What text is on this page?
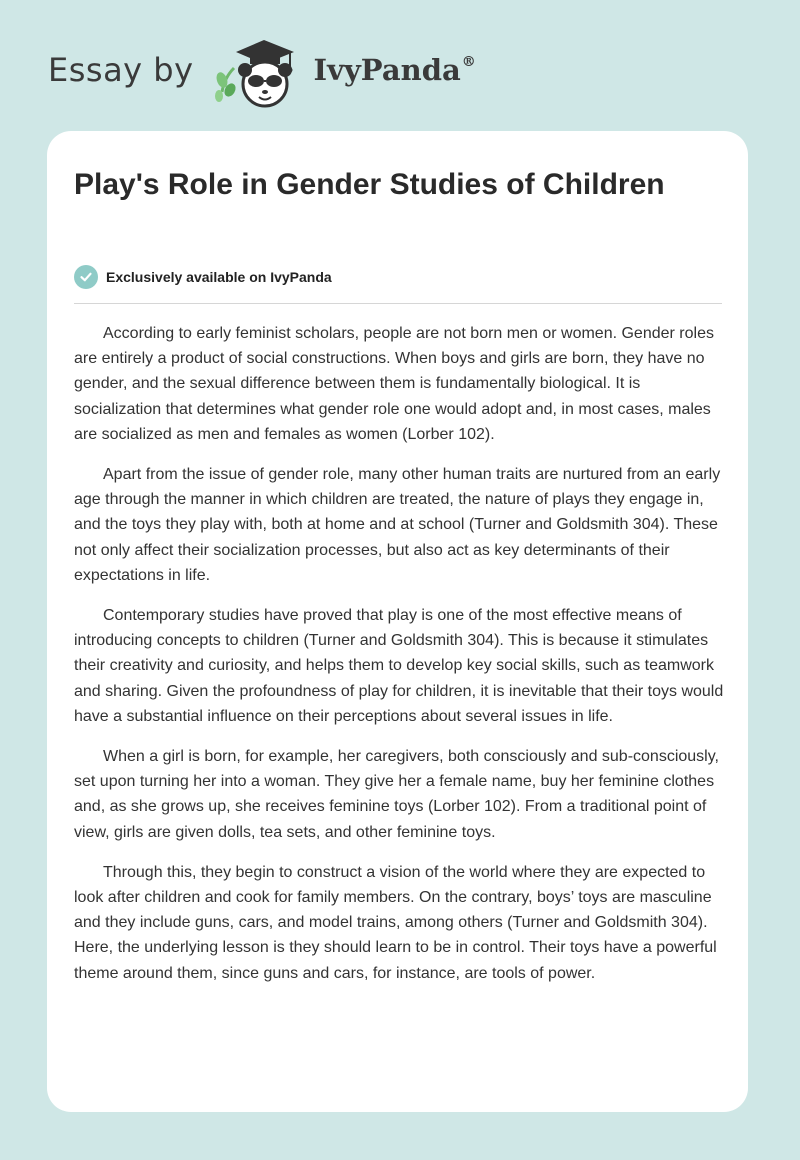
Essay by	IvyPanda®
Play's Role in Gender Studies of Children
Exclusively available on IvyPanda

According to early feminist scholars, people are not born men or women. Gender roles are entirely a product of social constructions. When boys and girls are born, they have no gender, and the sexual difference between them is fundamentally biological. It is socialization that determines what gender role one would adopt and, in most cases, males are socialized as men and females as women (Lorber 102).

Apart from the issue of gender role, many other human traits are nurtured from an early age through the manner in which children are treated, the nature of plays they engage in, and the toys they play with, both at home and at school (Turner and Goldsmith 304). These not only affect their socialization processes, but also act as key determinants of their expectations in life.

Contemporary studies have proved that play is one of the most effective means of introducing concepts to children (Turner and Goldsmith 304). This is because it stimulates their creativity and curiosity, and helps them to develop key social skills, such as teamwork and sharing. Given the profoundness of play for children, it is inevitable that their toys would have a substantial influence on their perceptions about several issues in life.

When a girl is born, for example, her caregivers, both consciously and sub-consciously, set upon turning her into a woman. They give her a female name, buy her feminine clothes and, as she grows up, she receives feminine toys (Lorber 102). From a traditional point of view, girls are given dolls, tea sets, and other feminine toys.

Through this, they begin to construct a vision of the world where they are expected to look after children and cook for family members. On the contrary, boys’ toys are masculine and they include guns, cars, and model trains, among others (Turner and Goldsmith 304). Here, the underlying lesson is they should learn to be in control. Their toys have a powerful theme around them, since guns and cars, for instance, are tools of power.
